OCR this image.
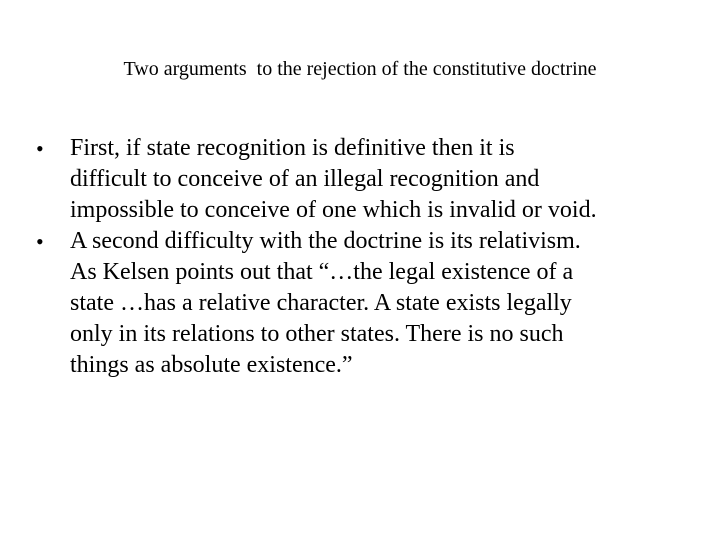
Two arguments  to the rejection of the constitutive doctrine
•	First, if state recognition is definitive then it is
difficult to conceive of an illegal recognition and
impossible to conceive of one which is invalid or void.
•	A second difficulty with the doctrine is its relativism.
As Kelsen points out that “…the legal existence of a
state …has a relative character. A state exists legally
only in its relations to other states. There is no such
things as absolute existence.”
